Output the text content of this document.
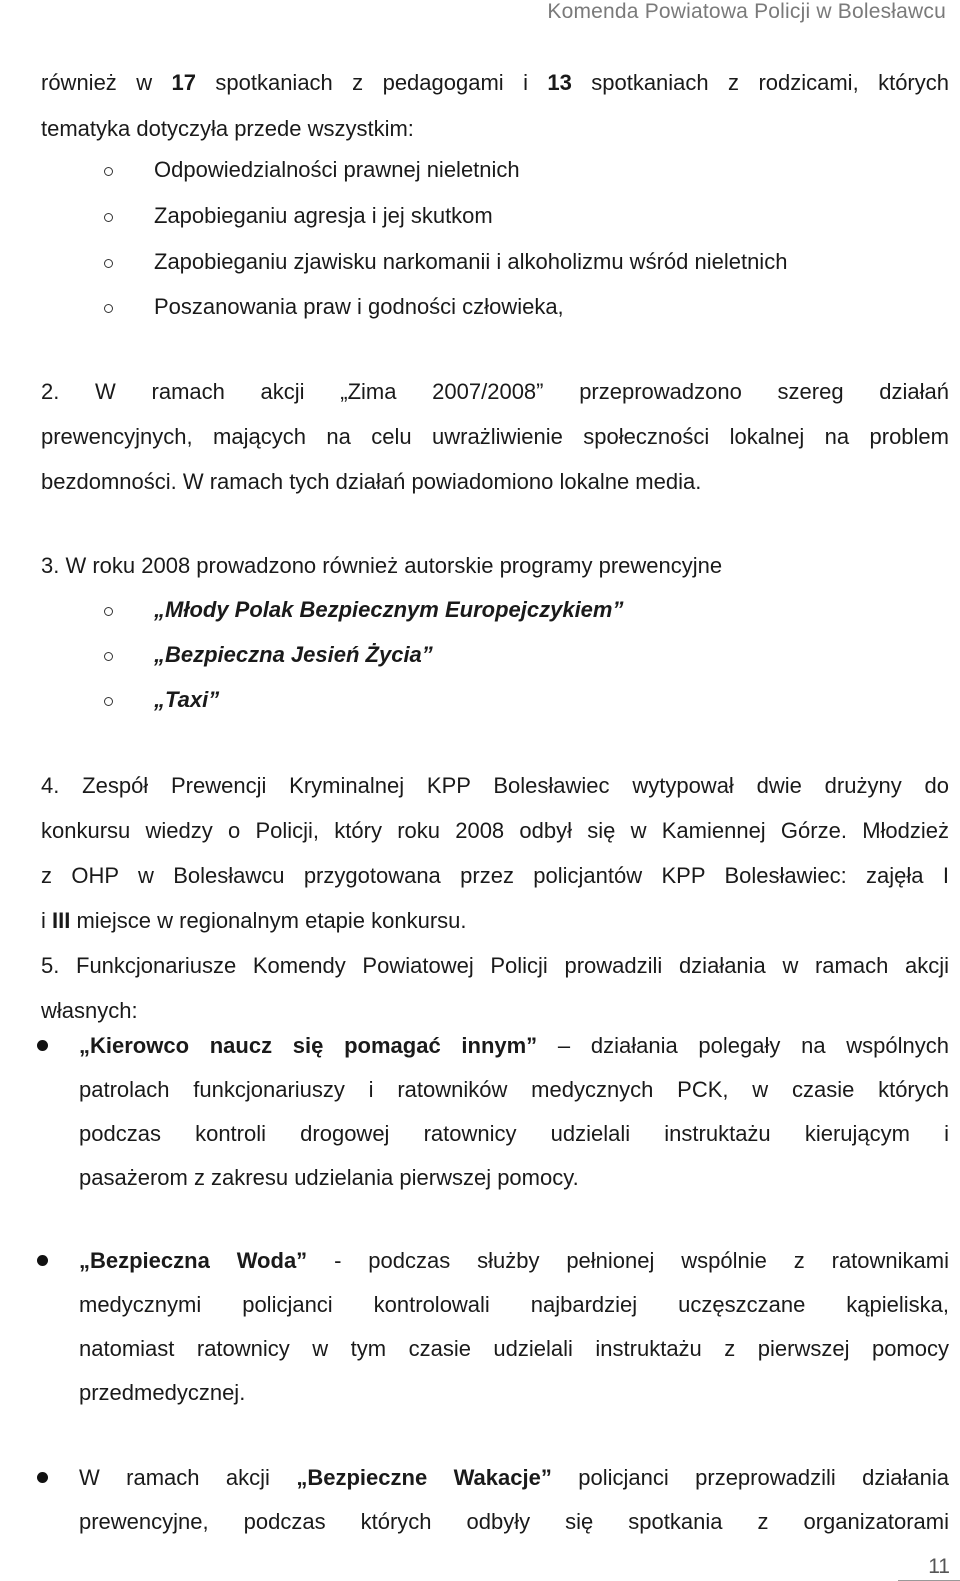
Komenda Powiatowa Policji w Bolesławcu
również w 17 spotkaniach z pedagogami i 13 spotkaniach z rodzicami, których
tematyka dotyczyła przede wszystkim:
Odpowiedzialności prawnej nieletnich
Zapobieganiu agresja i jej skutkom
Zapobieganiu zjawisku narkomanii i alkoholizmu wśród nieletnich
Poszanowania praw i godności człowieka,
2. W ramach akcji „Zima 2007/2008” przeprowadzono szereg działań
prewencyjnych, mających na celu uwrażliwienie społeczności lokalnej na problem
bezdomności. W ramach tych działań powiadomiono lokalne media.
3. W roku 2008 prowadzono również autorskie programy prewencyjne
„Młody Polak Bezpiecznym Europejczykiem”
„Bezpieczna Jesień Życia”
„Taxi”
4. Zespół Prewencji Kryminalnej KPP Bolesławiec wytypował dwie drużyny do
konkursu wiedzy o Policji, który roku 2008 odbył się w Kamiennej Górze. Młodzież
z OHP w Bolesławcu przygotowana przez policjantów KPP Bolesławiec: zajęła I
i III miejsce w regionalnym etapie konkursu.
5. Funkcjonariusze Komendy Powiatowej Policji prowadzili działania w ramach akcji
własnych:
„Kierowco naucz się pomagać innym” – działania polegały na wspólnych
patrolach funkcjonariuszy i ratowników medycznych PCK, w czasie których
podczas kontroli drogowej ratownicy udzielali instruktażu kierującym i
pasażerom z zakresu udzielania pierwszej pomocy.
„Bezpieczna Woda” - podczas służby pełnionej wspólnie z ratownikami
medycznymi policjanci kontrolowali najbardziej uczęszczane kąpieliska,
natomiast ratownicy w tym czasie udzielali instruktażu z pierwszej pomocy
przedmedycznej.
W ramach akcji „Bezpieczne Wakacje” policjanci przeprowadzili działania
prewencyjne, podczas których odbyły się spotkania z organizatorami
11
